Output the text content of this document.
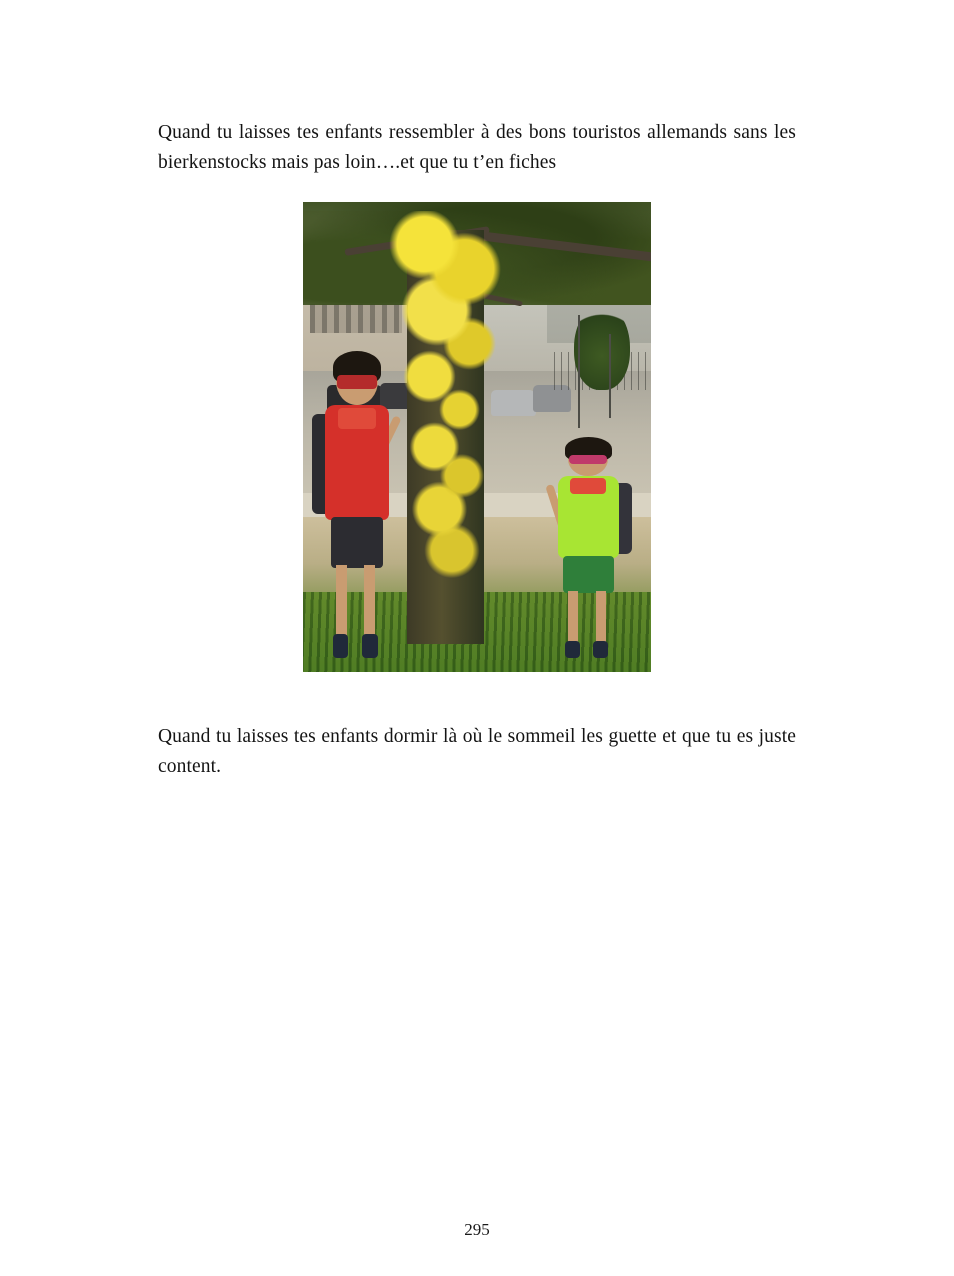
Quand tu laisses tes enfants ressembler à des bons touristos allemands sans les bierkenstocks mais pas loin….et que tu t’en fiches

Quand tu laisses tes enfants dormir là où le sommeil les guette et que tu es juste content.

295
